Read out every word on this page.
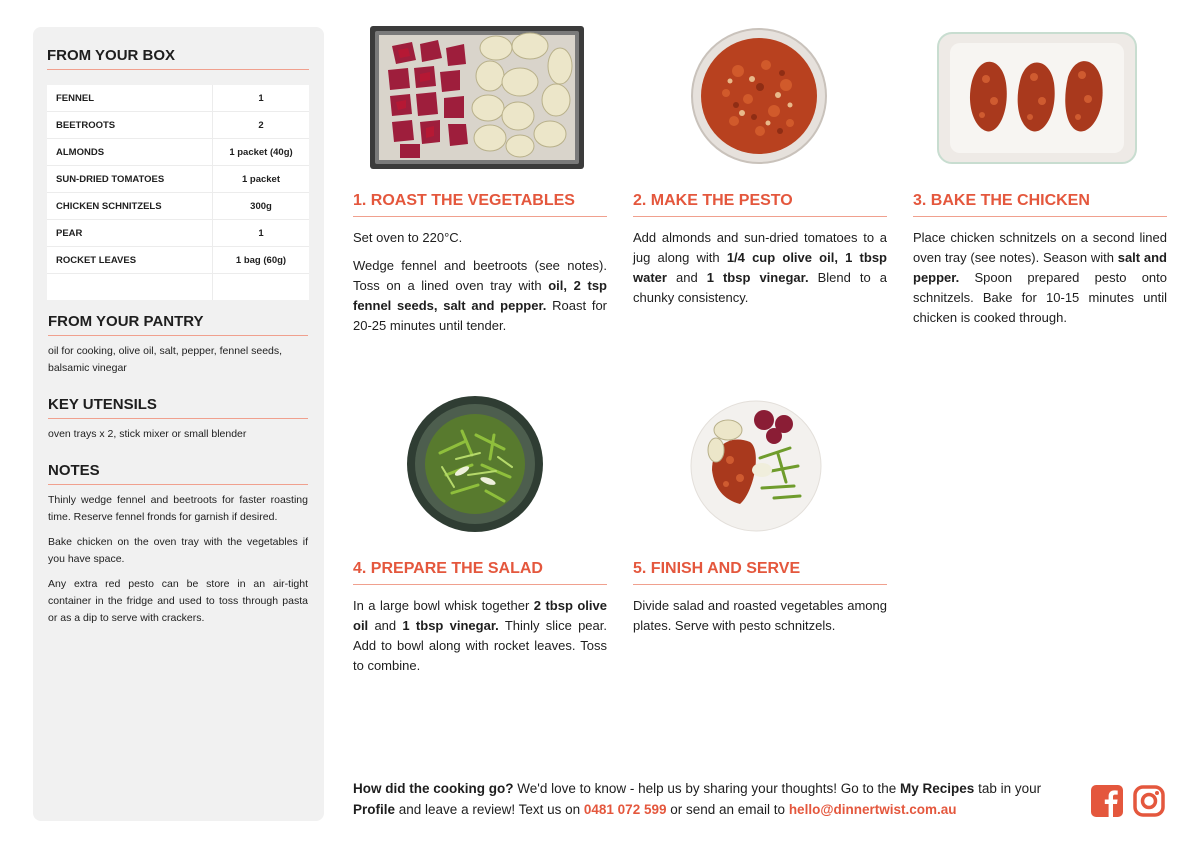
FROM YOUR BOX
FENNEL	1
BEETROOTS	2
ALMONDS	1 packet (40g)
SUN-DRIED TOMATOES	1 packet
CHICKEN SCHNITZELS	300g
PEAR	1
ROCKET LEAVES	1 bag (60g)

FROM YOUR PANTRY
oil for cooking, olive oil, salt, pepper, fennel seeds, balsamic vinegar
KEY UTENSILS
oven trays x 2, stick mixer or small blender
NOTES

Thinly wedge fennel and beetroots for faster roasting time. Reserve fennel fronds for garnish if desired.

Bake chicken on the oven tray with the vegetables if you have space.

Any extra red pesto can be store in an air-tight container in the fridge and used to toss through pasta or as a dip to serve with crackers.

1. ROAST THE VEGETABLES

Set oven to 220°C.

Wedge fennel and beetroots (see notes). Toss on a lined oven tray with oil, 2 tsp fennel seeds, salt and pepper. Roast for 20-25 minutes until tender.

2. MAKE THE PESTO

Add almonds and sun-dried tomatoes to a jug along with 1/4 cup olive oil, 1 tbsp water and 1 tbsp vinegar. Blend to a chunky consistency.

3. BAKE THE CHICKEN

Place chicken schnitzels on a second lined oven tray (see notes). Season with salt and pepper. Spoon prepared pesto onto schnitzels. Bake for 10-15 minutes until chicken is cooked through.

4. PREPARE THE SALAD

In a large bowl whisk together 2 tbsp olive oil and 1 tbsp vinegar. Thinly slice pear. Add to bowl along with rocket leaves. Toss to combine.

5. FINISH AND SERVE

Divide salad and roasted vegetables among plates. Serve with pesto schnitzels.

How did the cooking go? We'd love to know - help us by sharing your thoughts! Go to the My Recipes tab in your Profile and leave a review! Text us on 0481 072 599 or send an email to hello@dinnertwist.com.au
